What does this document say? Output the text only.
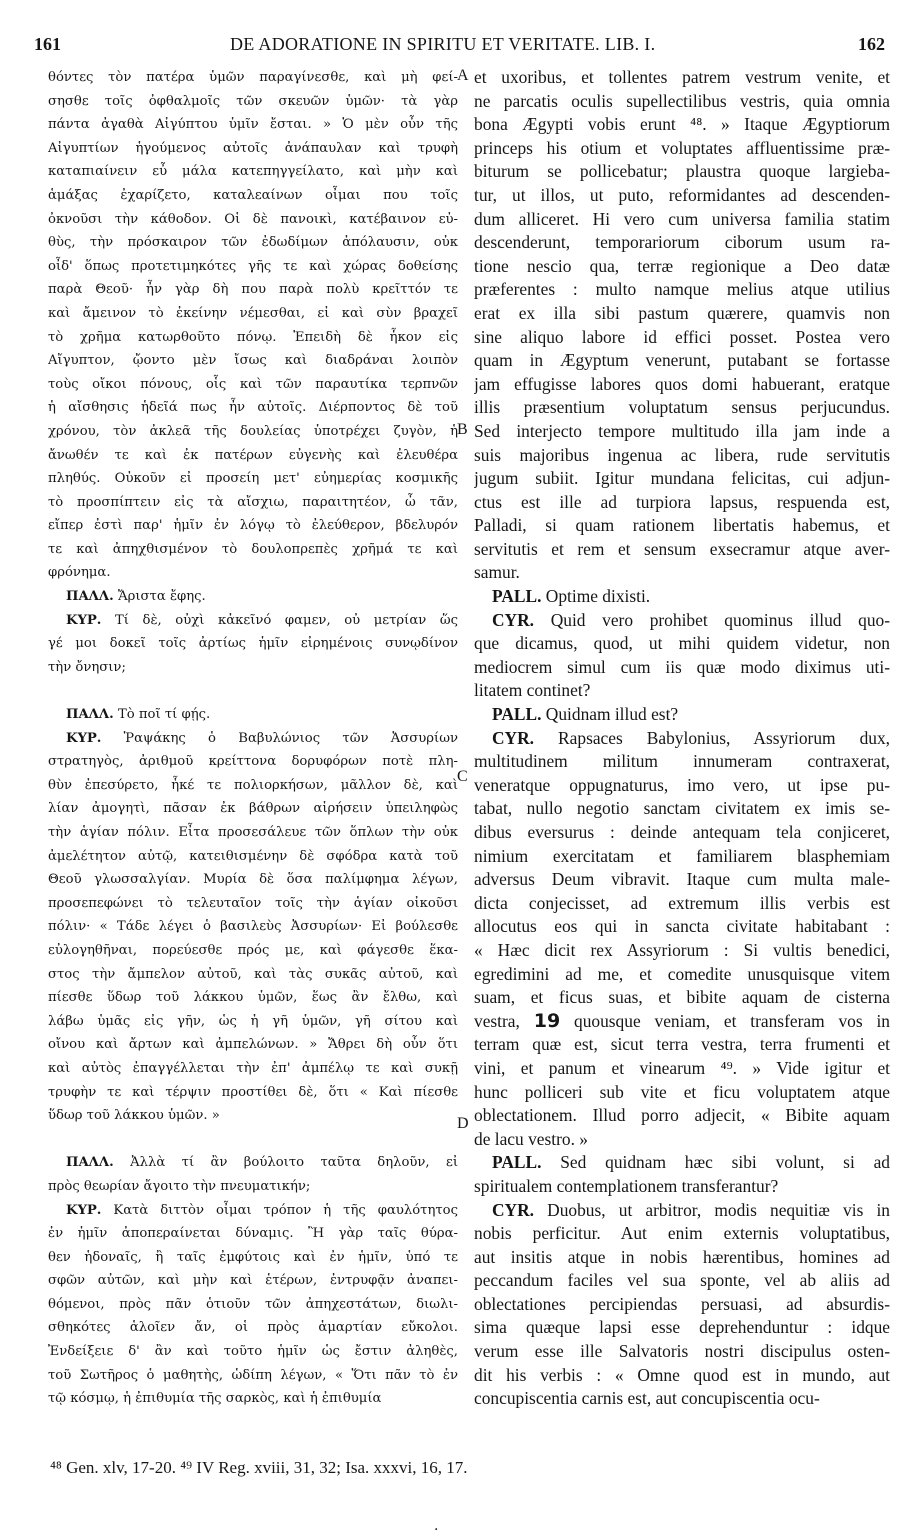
161	DE ADORATIONE IN SPIRITU ET VERITATE. LIB. I.	162
θόντες τὸν πατέρα ὑμῶν παραγίνεσθε, καὶ μὴ φεί-
σησθε τοῖς ὀφθαλμοῖς τῶν σκευῶν ὑμῶν· τὰ γὰρ
πάντα ἀγαθὰ Αἰγύπτου ὑμῖν ἔσται. » Ὁ μὲν οὖν τῆς
Αἰγυπτίων ἡγούμενος αὐτοῖς ἀνάπαυλαν καὶ τρυφὴ
καταπιαίνειν εὖ μάλα κατεπηγγείλατο, καὶ μὴν καὶ
ἁμάξας ἐχαρίζετο, καταλεαίνων οἶμαι που τοῖς
ὀκνοῦσι τὴν κάθοδον. Οἱ δὲ πανοικὶ, κατέβαινον εὐ-
θὺς, τὴν πρόσκαιρον τῶν ἐδωδίμων ἀπόλαυσιν, οὐκ
οἶδ' ὅπως προτετιμηκότες γῆς τε καὶ χώρας δοθείσης
παρὰ Θεοῦ· ἦν γὰρ δὴ που παρὰ πολὺ κρεῖττόν τε
καὶ ἄμεινον τὸ ἐκείνην νέμεσθαι, εἰ καὶ σὺν βραχεῖ
τὸ χρῆμα κατωρθοῦτο πόνῳ. Ἐπειδὴ δὲ ἧκον εἰς
Αἴγυπτον, ᾤοντο μὲν ἴσως καὶ διαδράναι λοιπὸν
τοὺς οἴκοι πόνους, οἷς καὶ τῶν παραυτίκα τερπνῶν
ἡ αἴσθησις ἡδεῖά πως ἦν αὐτοῖς. Διέρποντος δὲ τοῦ
χρόνου, τὸν ἀκλεᾶ τῆς δουλείας ὑποτρέχει ζυγὸν, ἡ
ἄνωθέν τε καὶ ἐκ πατέρων εὐγενὴς καὶ ἐλευθέρα
πληθύς. Οὐκοῦν εἰ προσείη μετ' εὐημερίας κοσμικῆς
τὸ προσπίπτειν εἰς τὰ αἴσχιω, παραιτητέον, ὦ τᾶν,
εἴπερ ἐστὶ παρ' ἡμῖν ἐν λόγῳ τὸ ἐλεύθερον, βδελυρόν
τε καὶ ἀπηχθισμένον τὸ δουλοπρεπὲς χρῆμά τε καὶ
φρόνημα.
ΠΑΛΛ. Ἄριστα ἔφης.
ΚΥΡ. Τί δὲ, οὐχὶ κἀκεῖνό φαμεν, οὐ μετρίαν ὥς
γέ μοι δοκεῖ τοῖς ἀρτίως ἡμῖν εἰρημένοις συνῳδίνον
τὴν ὄνησιν;
ΠΑΛΛ. Τὸ ποῖ τί φῄς.
ΚΥΡ. Ῥαψάκης ὁ Βαβυλώνιος τῶν Ἀσσυρίων
στρατηγὸς, ἀριθμοῦ κρείττονα δορυφόρων ποτὲ πλη-
θὺν ἐπεσύρετο, ἧκέ τε πολιορκήσων, μᾶλλον δὲ, καὶ
λίαν ἀμογητὶ, πᾶσαν ἐκ βάθρων αἱρήσειν ὑπειληφὼς
τὴν ἁγίαν πόλιν. Εἶτα προσεσάλευε τῶν ὅπλων τὴν οὐκ
ἀμελέτητον αὐτῷ, κατειθισμένην δὲ σφόδρα κατὰ τοῦ
Θεοῦ γλωσσαλγίαν. Μυρία δὲ ὅσα παλίμφημα λέγων,
προσεπεφώνει τὸ τελευταῖον τοῖς τὴν ἁγίαν οἰκοῦσι
πόλιν· « Τάδε λέγει ὁ βασιλεὺς Ἀσσυρίων· Εἰ βούλεσθε
εὐλογηθῆναι, πορεύεσθε πρός με, καὶ φάγεσθε ἕκα-
στος τὴν ἄμπελον αὐτοῦ, καὶ τὰς συκᾶς αὐτοῦ, καὶ
πίεσθε ὕδωρ τοῦ λάκκου ὑμῶν, ἕως ἂν ἔλθω, καὶ
λάβω ὑμᾶς εἰς γῆν, ὡς ἡ γῆ ὑμῶν, γῆ σίτου καὶ
οἴνου καὶ ἄρτων καὶ ἀμπελώνων. » Ἄθρει δὴ οὖν ὅτι
καὶ αὐτὸς ἐπαγγέλλεται τὴν ἐπ' ἀμπέλῳ τε καὶ συκῇ
τρυφὴν τε καὶ τέρψιν προστίθει δὲ, ὅτι « Καὶ πίεσθε
ὕδωρ τοῦ λάκκου ὑμῶν. »
ΠΑΛΛ. Ἀλλὰ τί ἂν βούλοιτο ταῦτα δηλοῦν, εἰ
πρὸς θεωρίαν ἄγοιτο τὴν πνευματικήν;
ΚΥΡ. Κατὰ διττὸν οἶμαι τρόπον ἡ τῆς φαυλότητος
ἐν ἡμῖν ἀποπεραίνεται δύναμις. Ἢ γὰρ ταῖς θύρα-
θεν ἡδοναῖς, ἢ ταῖς ἐμφύτοις καὶ ἐν ἡμῖν, ὑπό τε
σφῶν αὐτῶν, καὶ μὴν καὶ ἑτέρων, ἐντρυφᾷν ἀναπει-
θόμενοι, πρὸς πᾶν ὁτιοῦν τῶν ἀπηχεστάτων, διωλι-
σθηκότες ἁλοῖεν ἄν, οἱ πρὸς ἁμαρτίαν εὔκολοι.
Ἐνδείξειε δ' ἂν καὶ τοῦτο ἡμῖν ὡς ἔστιν ἀληθὲς,
τοῦ Σωτῆρος ὁ μαθητὴς, ὡδίπη λέγων, « Ὅτι πᾶν τὸ ἐν
τῷ κόσμῳ, ἡ ἐπιθυμία τῆς σαρκὸς, καὶ ἡ ἐπιθυμία
et uxoribus, et tollentes patrem vestrum venite, et
ne parcatis oculis supellectilibus vestris, quia omnia
bona Ægypti vobis erunt ⁴⁸. » Itaque Ægyptiorum
princeps his otium et voluptates affluentissime præ-
biturum se pollicebatur; plaustra quoque largieba-
tur, ut illos, ut puto, reformidantes ad descenden-
dum alliceret. Hi vero cum universa familia statim
descenderunt, temporariorum ciborum usum ra-
tione nescio qua, terræ regionique a Deo datæ
præferentes : multo namque melius atque utilius
erat ex illa sibi pastum quærere, quamvis non
sine aliquo labore id effici posset. Postea vero
quam in Ægyptum venerunt, putabant se fortasse
jam effugisse labores quos domi habuerant, eratque
illis præsentium voluptatum sensus perjucundus.
Sed interjecto tempore multitudo illa jam inde a
suis majoribus ingenua ac libera, rude servitutis
jugum subiit. Igitur mundana felicitas, cui adjun-
ctus est ille ad turpiora lapsus, respuenda est,
Palladi, si quam rationem libertatis habemus, et
servitutis et rem et sensum exsecramur atque aver-
samur.
PALL. Optime dixisti.
CYR. Quid vero prohibet quominus illud quo-
que dicamus, quod, ut mihi quidem videtur, non
mediocrem simul cum iis quæ modo diximus uti-
litatem continet?
PALL. Quidnam illud est?
CYR. Rapsaces Babylonius, Assyriorum dux,
multitudinem militum innumeram contraxerat,
veneratque oppugnaturus, imo vero, ut ipse pu-
tabat, nullo negotio sanctam civitatem ex imis se-
dibus eversurus : deinde antequam tela conjiceret,
nimium exercitatam et familiarem blasphemiam
adversus Deum vibravit. Itaque cum multa male-
dicta conjecisset, ad extremum illis verbis est
allocutus eos qui in sancta civitate habitabant :
« Hæc dicit rex Assyriorum : Si vultis benedici,
egredimini ad me, et comedite unusquisque vitem
suam, et ficus suas, et bibite aquam de cisterna
vestra, 19 quousque veniam, et transferam vos in
terram quæ est, sicut terra vestra, terra frumenti et
vini, et panum et vinearum ⁴⁹. » Vide igitur et
hunc polliceri sub vite et ficu voluptatem atque
oblectationem. Illud porro adjecit, « Bibite aquam
de lacu vestro. »
PALL. Sed quidnam hæc sibi volunt, si ad
spiritualem contemplationem transferantur?
CYR. Duobus, ut arbitror, modis nequitiæ vis in
nobis perficitur. Aut enim externis voluptatibus,
aut insitis atque in nobis hærentibus, homines ad
peccandum faciles vel sua sponte, vel ab aliis ad
oblectationes percipiendas persuasi, ad absurdis-
sima quæque lapsi esse deprehenduntur : idque
verum esse ille Salvatoris nostri discipulus osten-
dit his verbis : « Omne quod est in mundo, aut
concupiscentia carnis est, aut concupiscentia ocu-
A
B
C
D
⁴⁸ Gen. xlv, 17-20. ⁴⁹ IV Reg. xviii, 31, 32; Isa. xxxvi, 16, 17.
.
